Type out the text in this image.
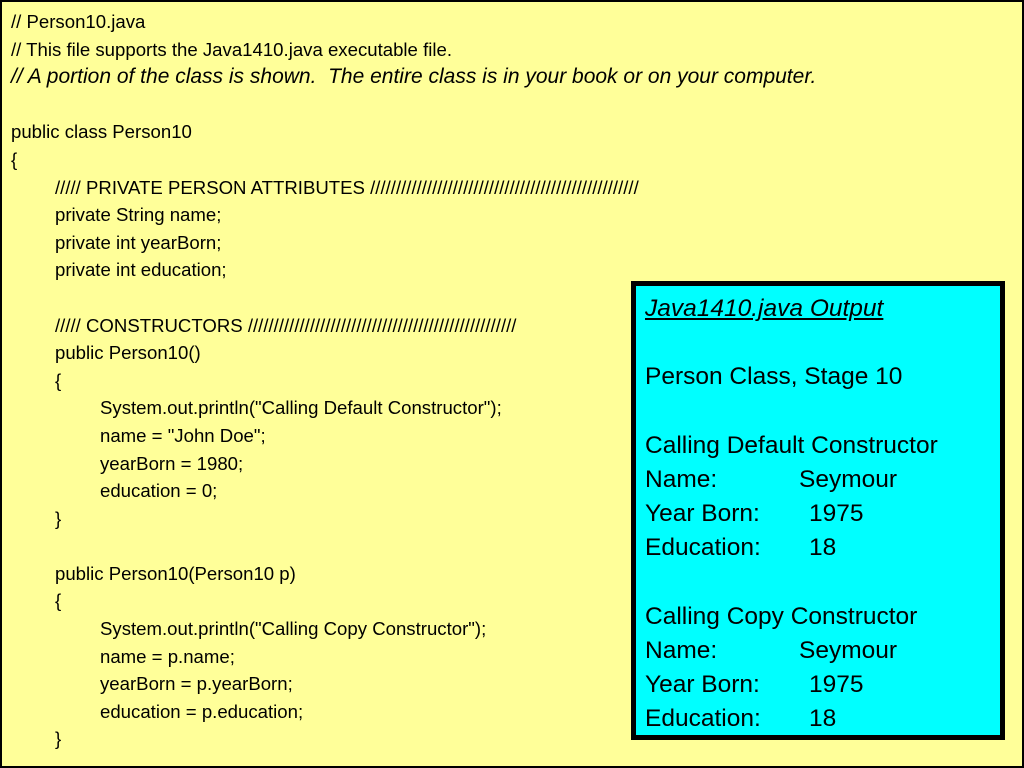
// Person10.java
// This file supports the Java1410.java executable file.
// A portion of the class is shown.  The entire class is in your book or on your computer.
public class Person10
{
///// PRIVATE PERSON ATTRIBUTES ////////////////////////////////////////////////////
private String name;
private int yearBorn;
private int education;
///// CONSTRUCTORS ////////////////////////////////////////////////////
public Person10()
{
System.out.println("Calling Default Constructor");
name = "John Doe";
yearBorn = 1980;
education = 0;
}
public Person10(Person10 p)
{
System.out.println("Calling Copy Constructor");
name = p.name;
yearBorn = p.yearBorn;
education = p.education;
}
Java1410.java Output
Person Class, Stage 10
Calling Default Constructor
Name:	Seymour
Year Born: 1975
Education: 18
Calling Copy Constructor
Name:	Seymour
Year Born: 1975
Education: 18
